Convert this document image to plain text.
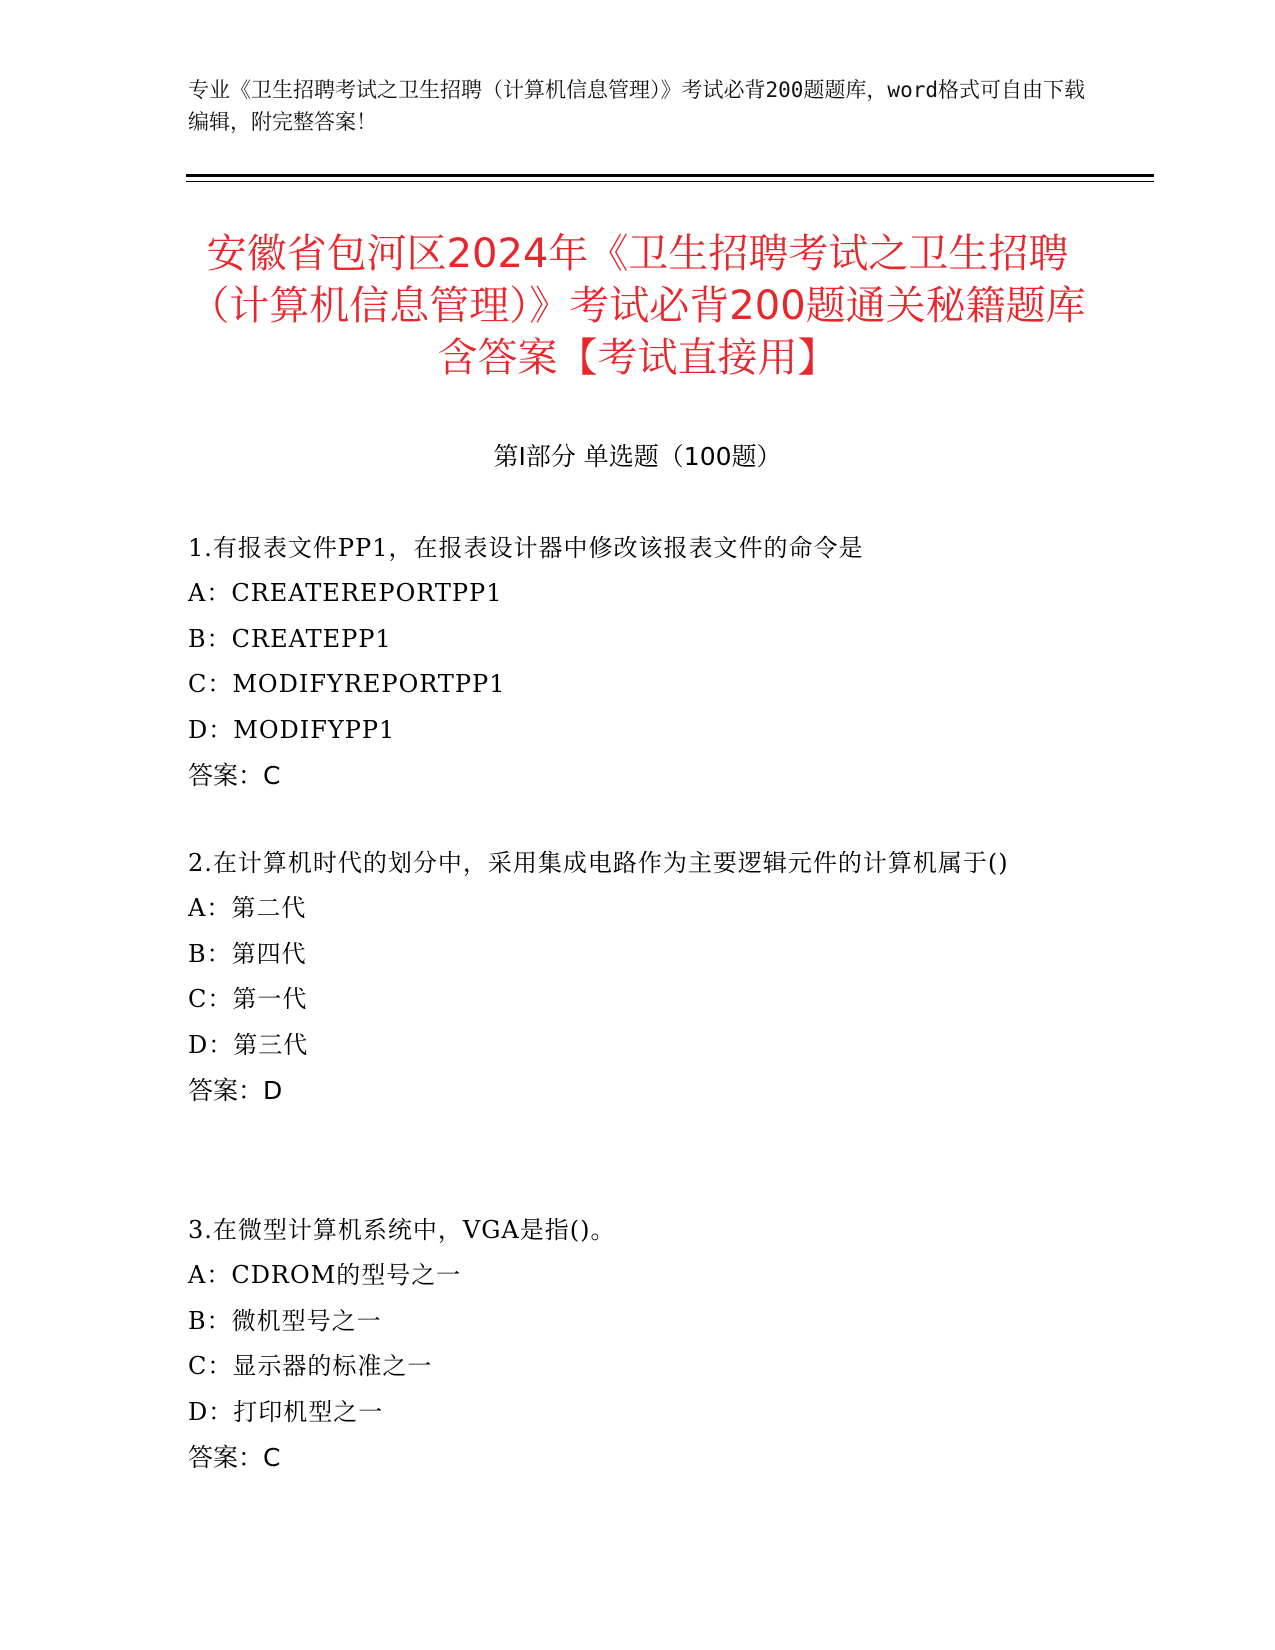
专业《卫生招聘考试之卫生招聘（计算机信息管理）》考试必背200题题库，word格式可自由下载编辑，附完整答案！
安徽省包河区2024年《卫生招聘考试之卫生招聘（计算机信息管理）》考试必背200题通关秘籍题库含答案【考试直接用】
第Ⅰ部分 单选题（100题）

1.有报表文件PP1，在报表设计器中修改该报表文件的命令是

A：CREATEREPORTPP1

B：CREATEPP1

C：MODIFYREPORTPP1

D：MODIFYPP1

答案：C

2.在计算机时代的划分中，采用集成电路作为主要逻辑元件的计算机属于()

A：第二代

B：第四代

C：第一代

D：第三代

答案：D

3.在微型计算机系统中，VGA是指()。

A：CDROM的型号之一

B：微机型号之一

C：显示器的标准之一

D：打印机型之一

答案：C
